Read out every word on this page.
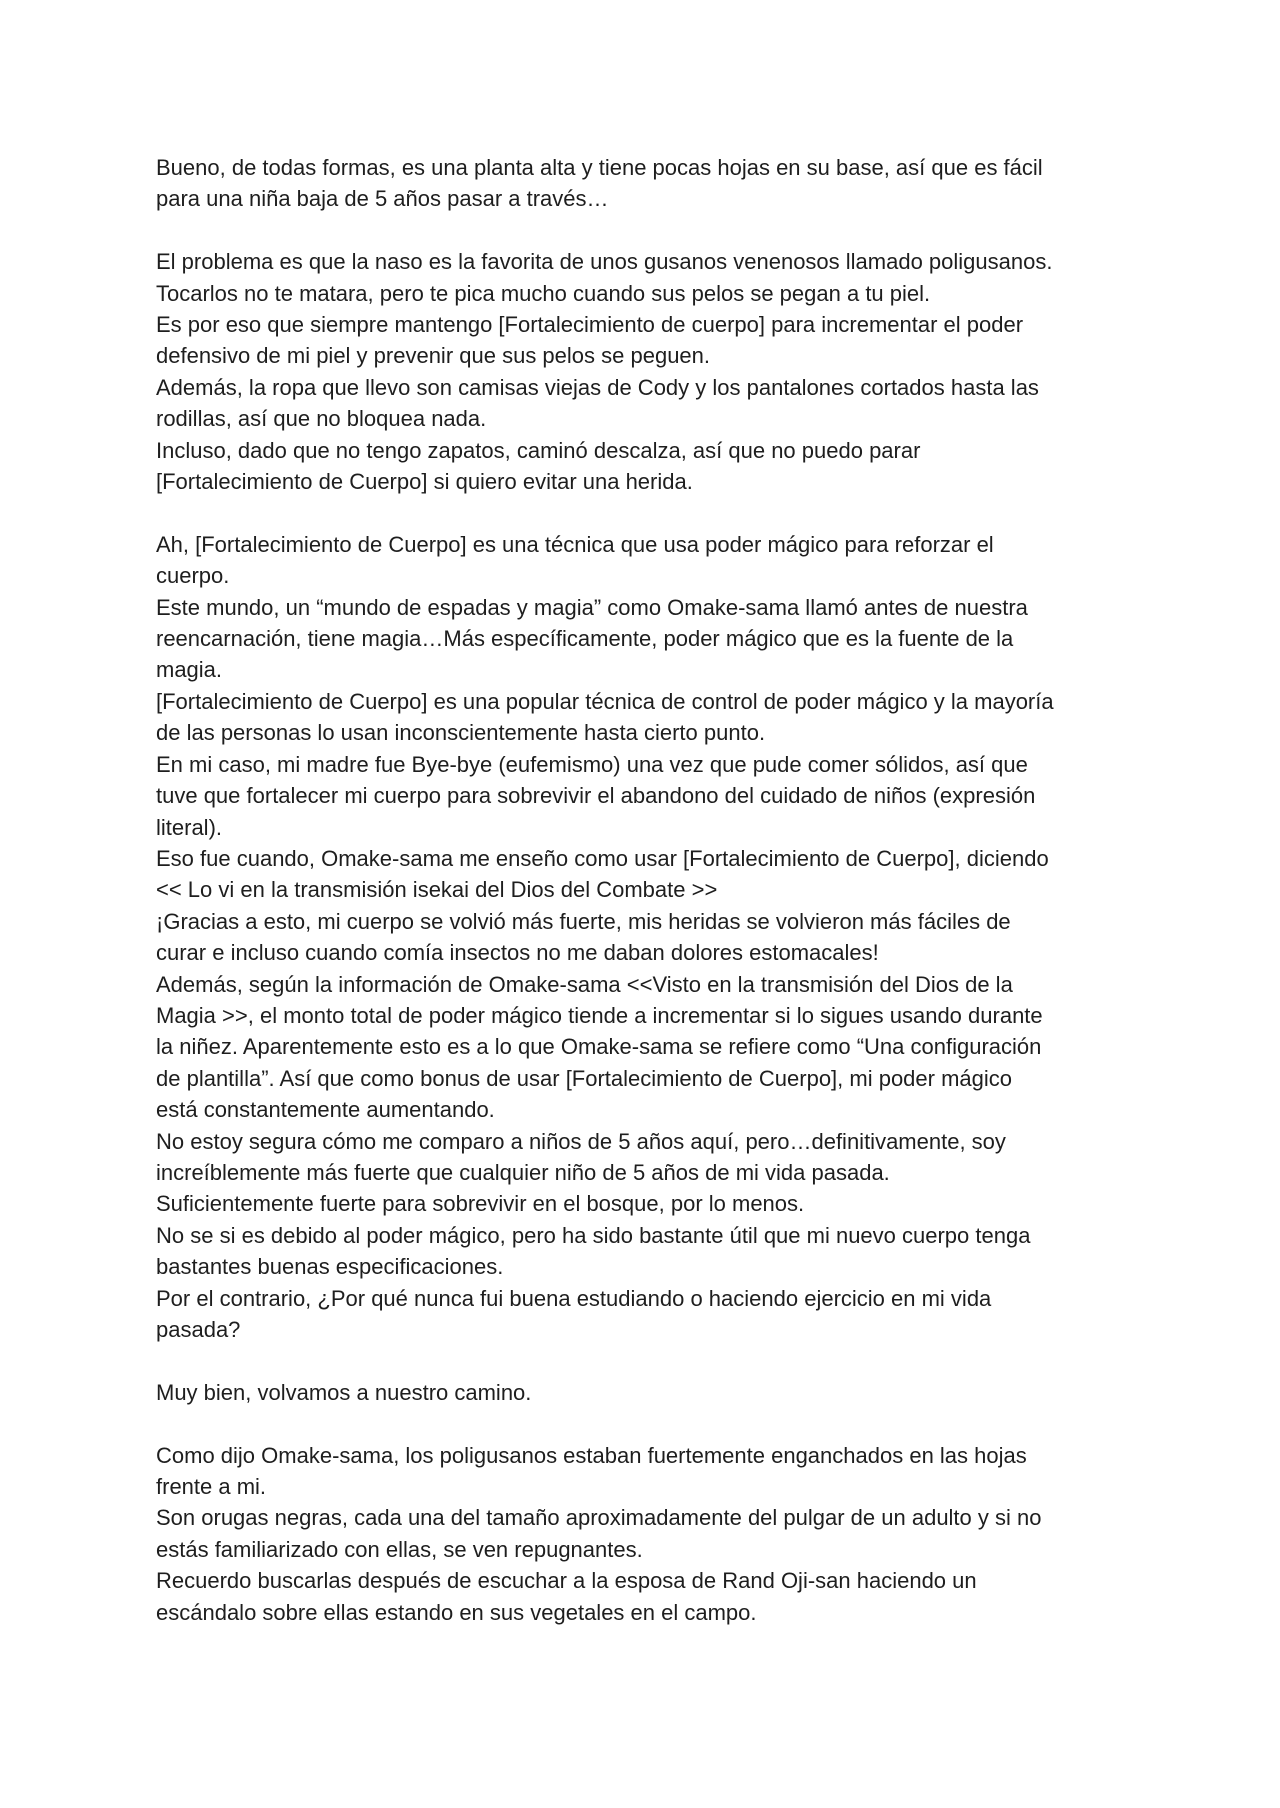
Bueno, de todas formas, es una planta alta y tiene pocas hojas en su base, así que es fácil
para una niña baja de 5 años pasar a través…
El problema es que la naso es la favorita de unos gusanos venenosos llamado poligusanos.
Tocarlos no te matara, pero te pica mucho cuando sus pelos se pegan a tu piel.
Es por eso que siempre mantengo [Fortalecimiento de cuerpo] para incrementar el poder
defensivo de mi piel y prevenir que sus pelos se peguen.
Además, la ropa que llevo son camisas viejas de Cody y los pantalones cortados hasta las
rodillas, así que no bloquea nada.
Incluso, dado que no tengo zapatos, caminó descalza, así que no puedo parar
[Fortalecimiento de Cuerpo] si quiero evitar una herida.
Ah, [Fortalecimiento de Cuerpo] es una técnica que usa poder mágico para reforzar el
cuerpo.
Este mundo, un “mundo de espadas y magia” como Omake-sama llamó antes de nuestra
reencarnación, tiene magia…Más específicamente, poder mágico que es la fuente de la
magia.
[Fortalecimiento de Cuerpo] es una popular técnica de control de poder mágico y la mayoría
de las personas lo usan inconscientemente hasta cierto punto.
En mi caso, mi madre fue Bye-bye (eufemismo) una vez que pude comer sólidos, así que
tuve que fortalecer mi cuerpo para sobrevivir el abandono del cuidado de niños (expresión
literal).
Eso fue cuando, Omake-sama me enseño como usar [Fortalecimiento de Cuerpo], diciendo
<< Lo vi en la transmisión isekai del Dios del Combate >>
¡Gracias a esto, mi cuerpo se volvió más fuerte, mis heridas se volvieron más fáciles de
curar e incluso cuando comía insectos no me daban dolores estomacales!
Además, según la información de Omake-sama <<Visto en la transmisión del Dios de la
Magia >>, el monto total de poder mágico tiende a incrementar si lo sigues usando durante
la niñez. Aparentemente esto es a lo que Omake-sama se refiere como “Una configuración
de plantilla”. Así que como bonus de usar [Fortalecimiento de Cuerpo], mi poder mágico
está constantemente aumentando.
No estoy segura cómo me comparo a niños de 5 años aquí, pero…definitivamente, soy
increíblemente más fuerte que cualquier niño de 5 años de mi vida pasada.
Suficientemente fuerte para sobrevivir en el bosque, por lo menos.
No se si es debido al poder mágico, pero ha sido bastante útil que mi nuevo cuerpo tenga
bastantes buenas especificaciones.
Por el contrario, ¿Por qué nunca fui buena estudiando o haciendo ejercicio en mi vida
pasada?
Muy bien, volvamos a nuestro camino.
Como dijo Omake-sama, los poligusanos estaban fuertemente enganchados en las hojas
frente a mi.
Son orugas negras, cada una del tamaño aproximadamente del pulgar de un adulto y si no
estás familiarizado con ellas, se ven repugnantes.
Recuerdo buscarlas después de escuchar a la esposa de Rand Oji-san haciendo un
escándalo sobre ellas estando en sus vegetales en el campo.
